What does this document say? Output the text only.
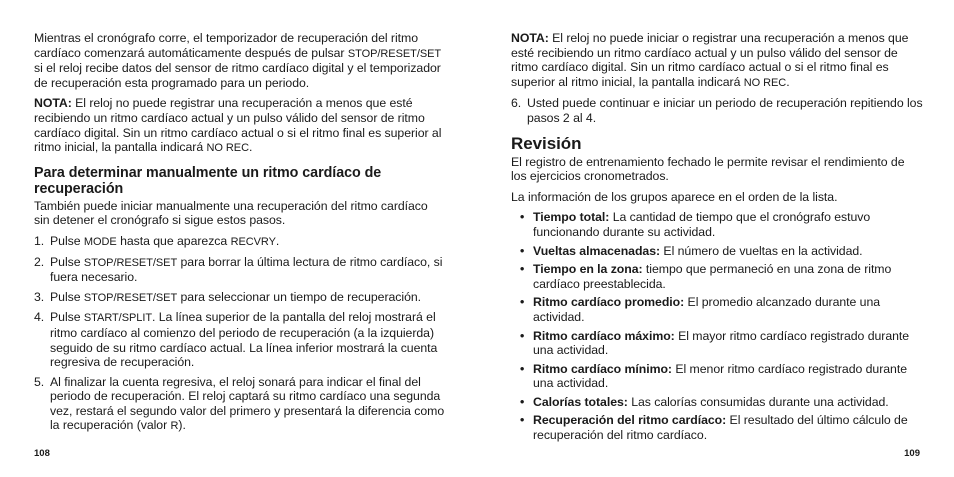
Mientras el cronógrafo corre, el temporizador de recuperación del ritmo cardíaco comenzará automáticamente después de pulsar STOP/RESET/SET si el reloj recibe datos del sensor de ritmo cardíaco digital y el temporizador de recuperación esta programado para un periodo.

NOTA: El reloj no puede registrar una recuperación a menos que esté recibiendo un ritmo cardíaco actual y un pulso válido del sensor de ritmo cardíaco digital. Sin un ritmo cardíaco actual o si el ritmo final es superior al ritmo inicial, la pantalla indicará NO REC.

Para determinar manualmente un ritmo cardíaco de recuperación

También puede iniciar manualmente una recuperación del ritmo cardíaco sin detener el cronógrafo si sigue estos pasos.

1. Pulse MODE hasta que aparezca RECVRY.
2. Pulse STOP/RESET/SET para borrar la última lectura de ritmo cardíaco, si fuera necesario.
3. Pulse STOP/RESET/SET para seleccionar un tiempo de recuperación.
4. Pulse START/SPLIT. La línea superior de la pantalla del reloj mostrará el ritmo cardíaco al comienzo del periodo de recuperación (a la izquierda) seguido de su ritmo cardíaco actual. La línea inferior mostrará la cuenta regresiva de recuperación.
5. Al finalizar la cuenta regresiva, el reloj sonará para indicar el final del periodo de recuperación. El reloj captará su ritmo cardíaco una segunda vez, restará el segundo valor del primero y presentará la diferencia como la recuperación (valor R).
108

NOTA: El reloj no puede iniciar o registrar una recuperación a menos que esté recibiendo un ritmo cardíaco actual y un pulso válido del sensor de ritmo cardíaco digital. Sin un ritmo cardíaco actual o si el ritmo final es superior al ritmo inicial, la pantalla indicará NO REC.

6. Usted puede continuar e iniciar un periodo de recuperación repitiendo los pasos 2 al 4.
Revisión

El registro de entrenamiento fechado le permite revisar el rendimiento de los ejercicios cronometrados.

La información de los grupos aparece en el orden de la lista.

• Tiempo total: La cantidad de tiempo que el cronógrafo estuvo funcionando durante su actividad.
• Vueltas almacenadas: El número de vueltas en la actividad.
• Tiempo en la zona: tiempo que permaneció en una zona de ritmo cardíaco preestablecida.
• Ritmo cardíaco promedio: El promedio alcanzado durante una actividad.
• Ritmo cardíaco máximo: El mayor ritmo cardíaco registrado durante una actividad.
• Ritmo cardíaco mínimo: El menor ritmo cardíaco registrado durante una actividad.
• Calorías totales: Las calorías consumidas durante una actividad.
• Recuperación del ritmo cardíaco: El resultado del último cálculo de recuperación del ritmo cardíaco.
109
